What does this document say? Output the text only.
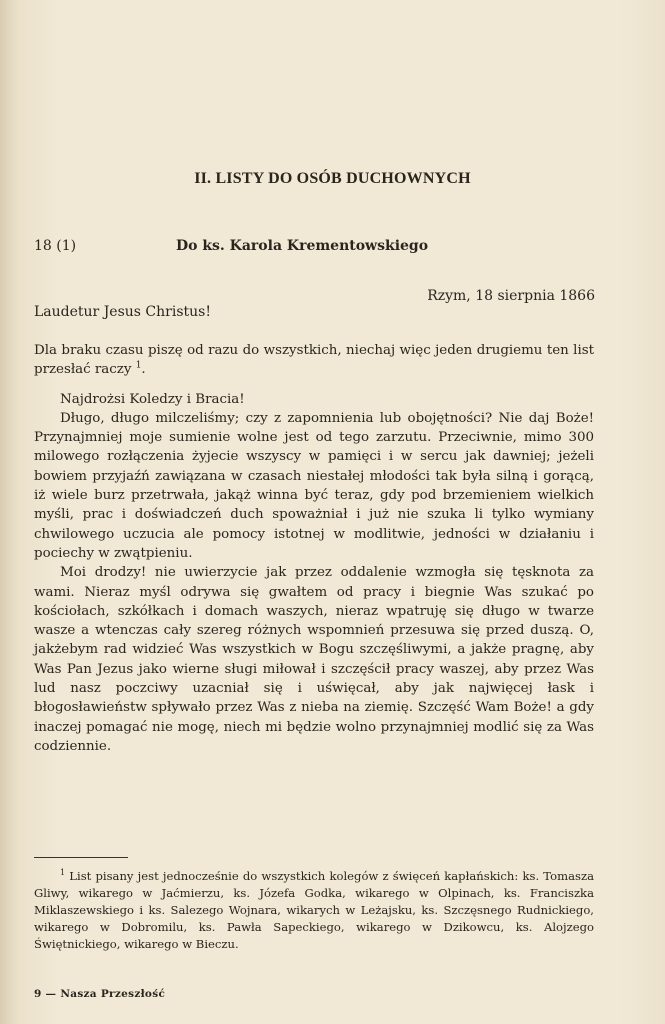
II. LISTY DO OSÓB DUCHOWNYCH
18 (1)	Do ks. Karola Krementowskiego
Rzym, 18 sierpnia 1866
Laudetur Jesus Christus!

Dla braku czasu piszę od razu do wszystkich, niechaj więc jeden drugiemu ten list przesłać raczy $^1$.

Najdrożsi Koledzy i Bracia!

Długo, długo milczeliśmy; czy z zapomnienia lub obojętności? Nie daj Boże! Przynajmniej moje sumienie wolne jest od tego zarzutu. Przeciwnie, mimo 300 milowego rozłączenia żyjecie wszyscy w pamięci i w sercu jak dawniej; jeżeli bowiem przyjaźń zawiązana w czasach niestałej młodości tak była silną i gorącą, iż wiele burz przetrwała, jakąż winna być teraz, gdy pod brzemieniem wielkich myśli, prac i doświadczeń duch spoważniał i już nie szuka li tylko wymiany chwilowego uczucia ale pomocy istotnej w modlitwie, jedności w działaniu i pociechy w zwątpieniu.

Moi drodzy! nie uwierzycie jak przez oddalenie wzmogła się tęsknota za wami. Nieraz myśl odrywa się gwałtem od pracy i biegnie Was szukać po kościołach, szkółkach i domach waszych, nieraz wpatruję się długo w twarze wasze a wtenczas cały szereg różnych wspomnień przesuwa się przed duszą. O, jakżebym rad widzieć Was wszystkich w Bogu szczęśliwymi, a jakże pragnę, aby Was Pan Jezus jako wierne sługi miłował i szczęścił pracy waszej, aby przez Was lud nasz poczciwy uzacniał się i uświęcał, aby jak najwięcej łask i błogosławieństw spływało przez Was z nieba na ziemię. Szczęść Wam Boże! a gdy inaczej pomagać nie mogę, niech mi będzie wolno przynajmniej modlić się za Was codziennie.

$^1$ List pisany jest jednocześnie do wszystkich kolegów z święceń kapłańskich: ks. Tomasza Gliwy, wikarego w Jaćmierzu, ks. Józefa Godka, wikarego w Olpinach, ks. Franciszka Miklaszewskiego i ks. Salezego Wojnara, wikarych w Leżajsku, ks. Szczęsnego Rudnickiego, wikarego w Dobromilu, ks. Pawła Sapeckiego, wikarego w Dzikowcu, ks. Alojzego Świętnickiego, wikarego w Bieczu.
9 — Nasza Przeszłość
